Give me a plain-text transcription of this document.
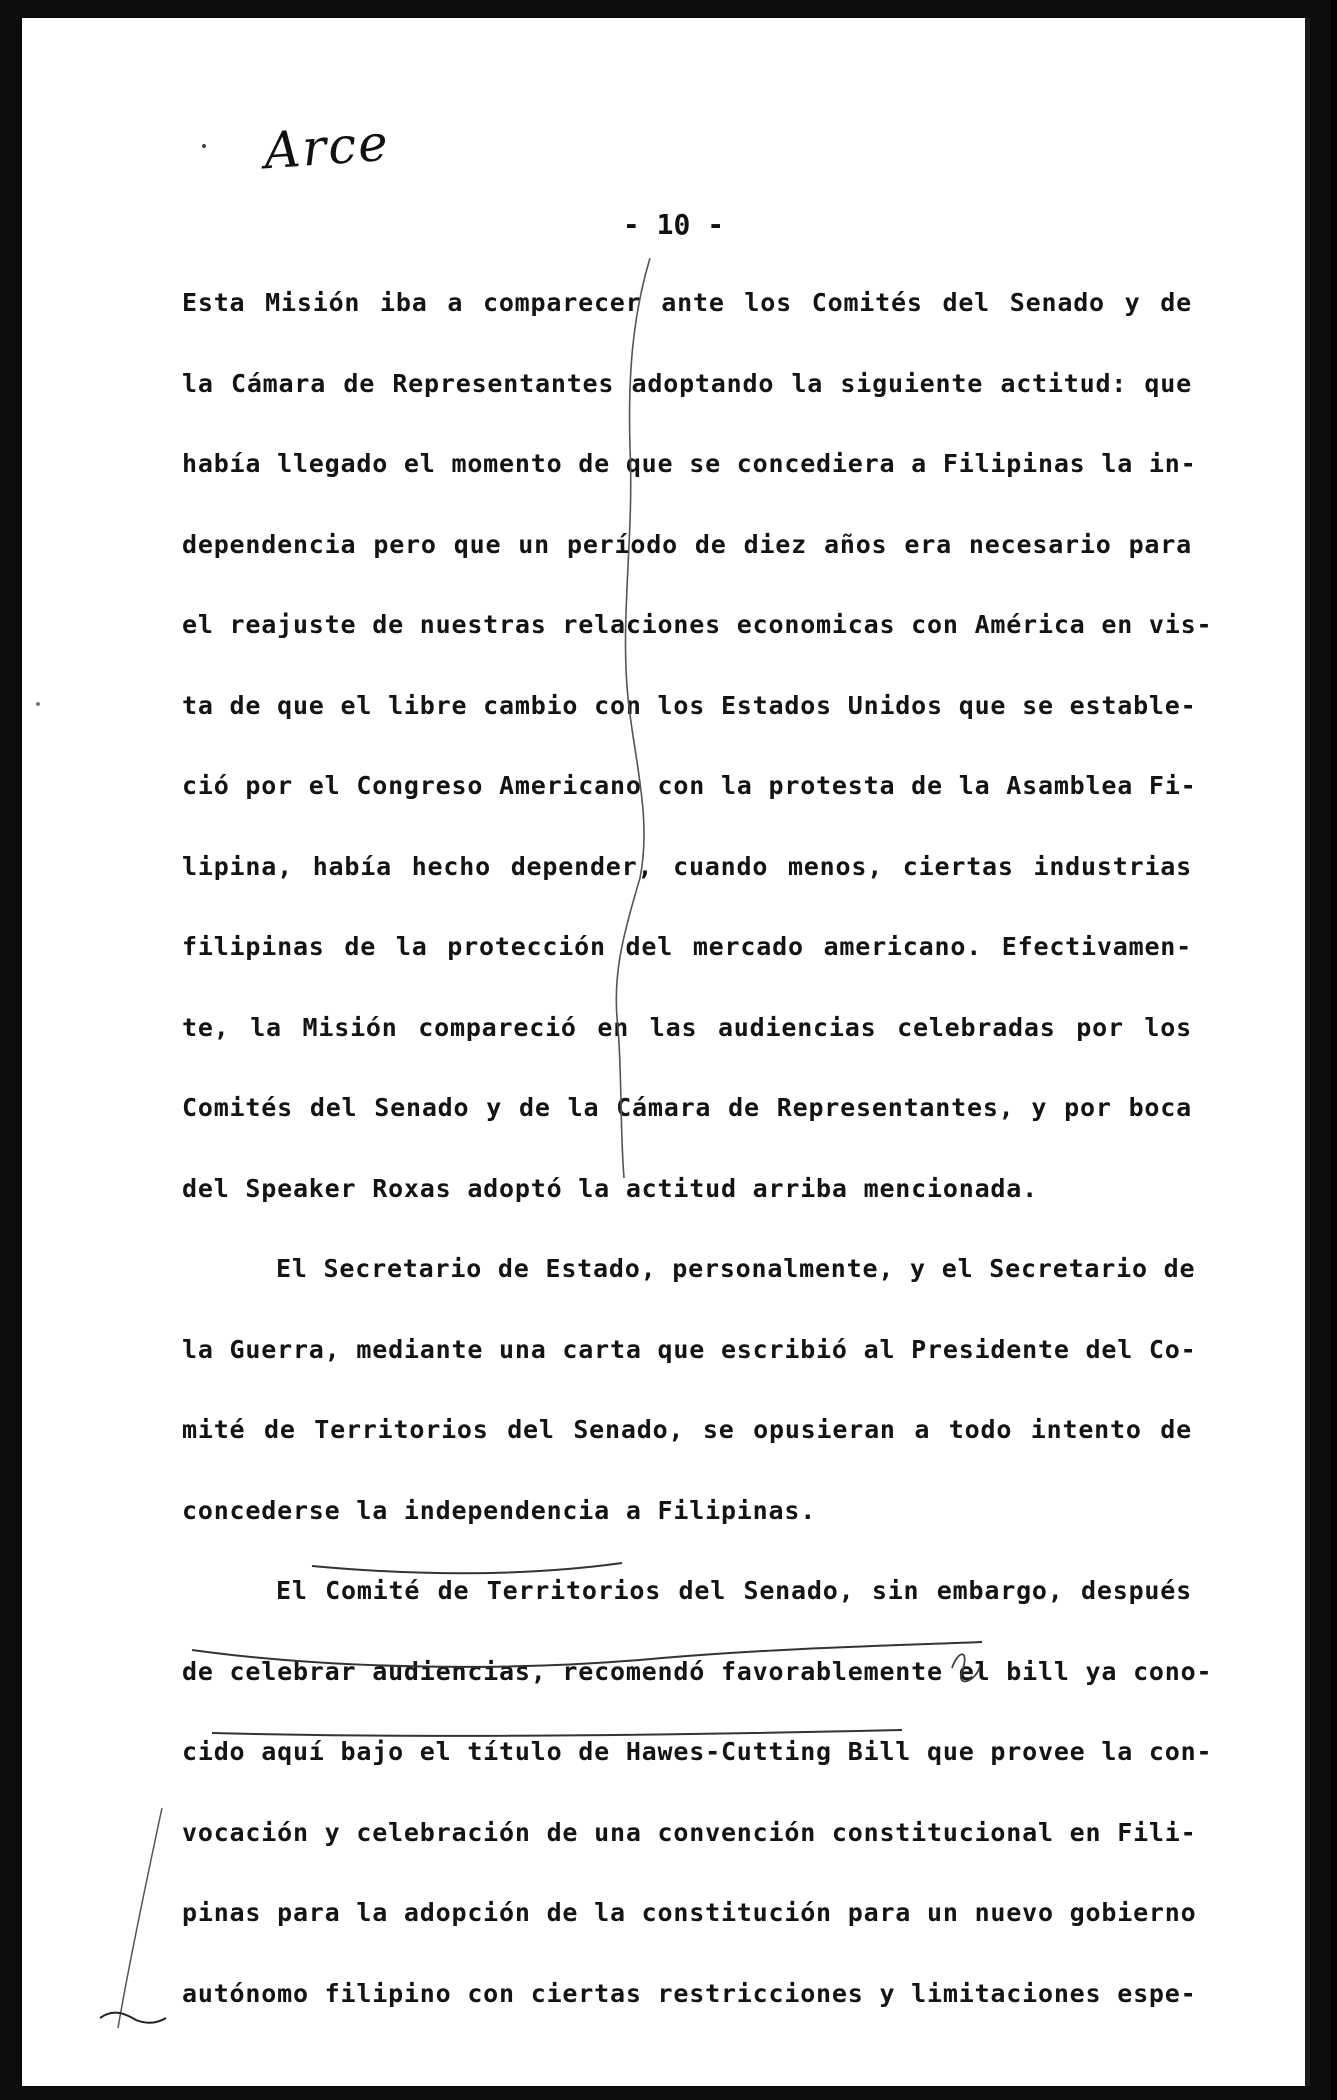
Arce
- 10 -
Esta Misión iba a comparecer ante los Comités del Senado y de
la Cámara de Representantes adoptando la siguiente actitud: que
había llegado el momento de que se concediera a Filipinas la in-
dependencia pero que un período de diez años era necesario para
el reajuste de nuestras relaciones economicas con América en vis-
ta de que el libre cambio con los Estados Unidos que se estable-
ció por el Congreso Americano con la protesta de la Asamblea Fi-
lipina, había hecho depender, cuando menos, ciertas industrias
filipinas de la protección del mercado americano. Efectivamen-
te, la Misión compareció en las audiencias celebradas por los
Comités del Senado y de la Cámara de Representantes, y por boca
del Speaker Roxas adoptó la actitud arriba mencionada.
El Secretario de Estado, personalmente, y el Secretario de
la Guerra, mediante una carta que escribió al Presidente del Co-
mité de Territorios del Senado, se opusieran a todo intento de
concederse la independencia a Filipinas.
El Comité de Territorios del Senado, sin embargo, después
de celebrar audiencias, recomendó favorablemente el bill ya cono-
cido aquí bajo el título de Hawes-Cutting Bill que provee la con-
vocación y celebración de una convención constitucional en Fili-
pinas para la adopción de la constitución para un nuevo gobierno
autónomo filipino con ciertas restricciones y limitaciones espe-
